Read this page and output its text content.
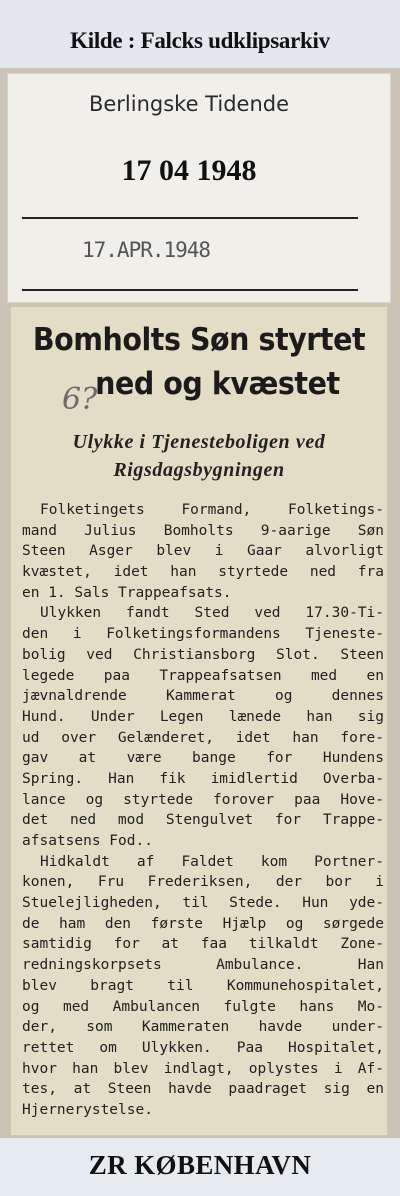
Kilde : Falcks udklipsarkiv
Berlingske Tidende
17 04 1948
17.APR.1948
Bomholts Søn styrtet
ned og kvæstet
6?
Ulykke i Tjenesteboligen ved
Rigsdagsbygningen
Folketingets Formand, Folketings-
mand Julius Bomholts 9-aarige Søn
Steen Asger blev i Gaar alvorligt
kvæstet, idet han styrtede ned fra
en 1. Sals Trappeafsats.
Ulykken fandt Sted ved 17.30-Ti-
den i Folketingsformandens Tjeneste-
bolig ved Christiansborg Slot. Steen
legede paa Trappeafsatsen med en
jævnaldrende Kammerat og dennes
Hund. Under Legen lænede han sig
ud over Gelænderet, idet han fore-
gav at være bange for Hundens
Spring. Han fik imidlertid Overba-
lance og styrtede forover paa Hove-
det ned mod Stengulvet for Trappe-
afsatsens Fod..
Hidkaldt af Faldet kom Portner-
konen, Fru Frederiksen, der bor i
Stuelejligheden, til Stede. Hun yde-
de ham den første Hjælp og sørgede
samtidig for at faa tilkaldt Zone-
redningskorpsets Ambulance. Han
blev bragt til Kommunehospitalet,
og med Ambulancen fulgte hans Mo-
der, som Kammeraten havde under-
rettet om Ulykken. Paa Hospitalet,
hvor han blev indlagt, oplystes i Af-
tes, at Steen havde paadraget sig en
Hjernerystelse.
ZR KØBENHAVN
